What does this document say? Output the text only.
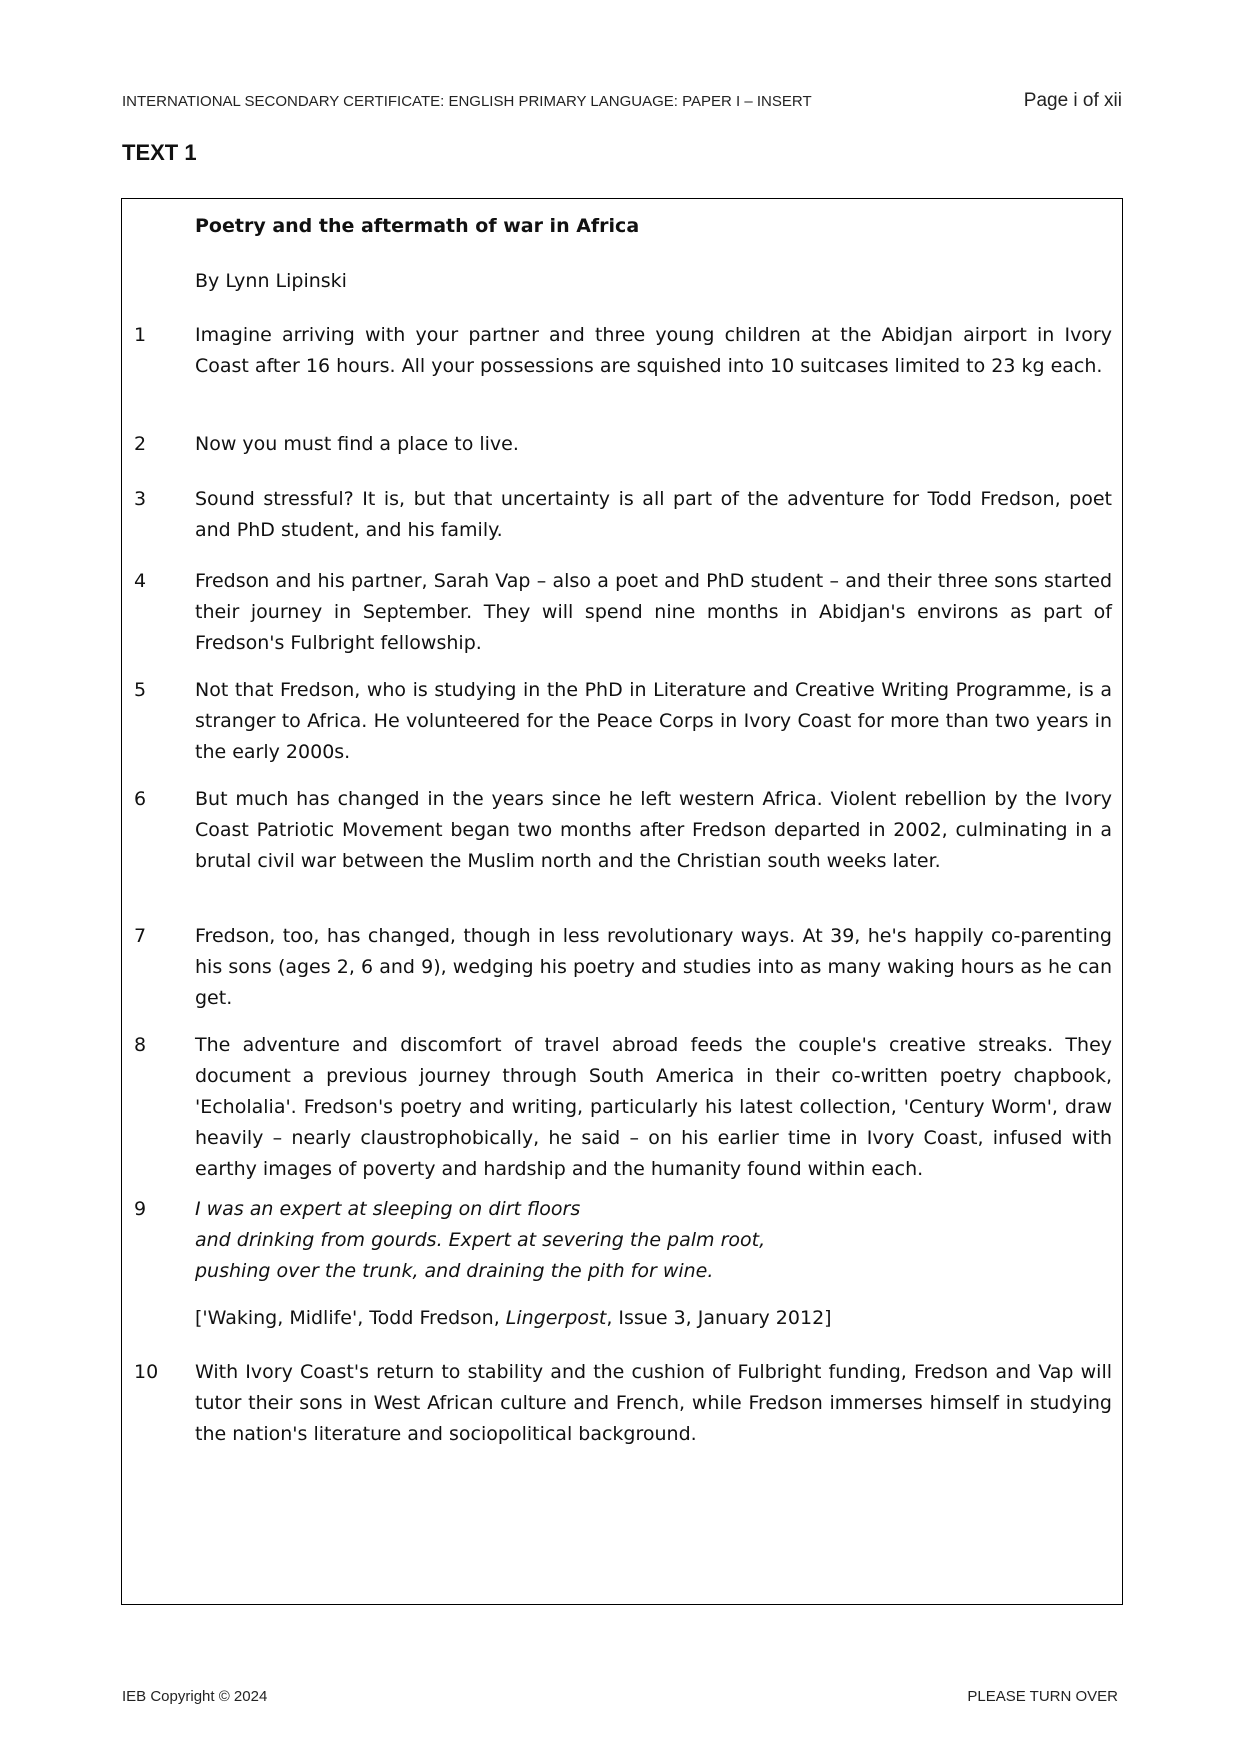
INTERNATIONAL SECONDARY CERTIFICATE: ENGLISH PRIMARY LANGUAGE: PAPER I – INSERT	Page i of xii
TEXT 1
Poetry and the aftermath of war in Africa
By Lynn Lipinski
1	Imagine arriving with your partner and three young children at the Abidjan airport in Ivory Coast after 16 hours. All your possessions are squished into 10 suitcases limited to 23 kg each.
2	Now you must find a place to live.
3	Sound stressful? It is, but that uncertainty is all part of the adventure for Todd Fredson, poet and PhD student, and his family.
4	Fredson and his partner, Sarah Vap – also a poet and PhD student – and their three sons started their journey in September. They will spend nine months in Abidjan's environs as part of Fredson's Fulbright fellowship.
5	Not that Fredson, who is studying in the PhD in Literature and Creative Writing Programme, is a stranger to Africa. He volunteered for the Peace Corps in Ivory Coast for more than two years in the early 2000s.
6	But much has changed in the years since he left western Africa. Violent rebellion by the Ivory Coast Patriotic Movement began two months after Fredson departed in 2002, culminating in a brutal civil war between the Muslim north and the Christian south weeks later.
7	Fredson, too, has changed, though in less revolutionary ways. At 39, he's happily co-parenting his sons (ages 2, 6 and 9), wedging his poetry and studies into as many waking hours as he can get.
8	The adventure and discomfort of travel abroad feeds the couple's creative streaks. They document a previous journey through South America in their co-written poetry chapbook, 'Echolalia'. Fredson's poetry and writing, particularly his latest collection, 'Century Worm', draw heavily – nearly claustrophobically, he said – on his earlier time in Ivory Coast, infused with earthy images of poverty and hardship and the humanity found within each.
9	I was an expert at sleeping on dirt floors
and drinking from gourds. Expert at severing the palm root,
pushing over the trunk, and draining the pith for wine.
['Waking, Midlife', Todd Fredson, Lingerpost, Issue 3, January 2012]
10	With Ivory Coast's return to stability and the cushion of Fulbright funding, Fredson and Vap will tutor their sons in West African culture and French, while Fredson immerses himself in studying the nation's literature and sociopolitical background.
IEB Copyright © 2024	PLEASE TURN OVER
